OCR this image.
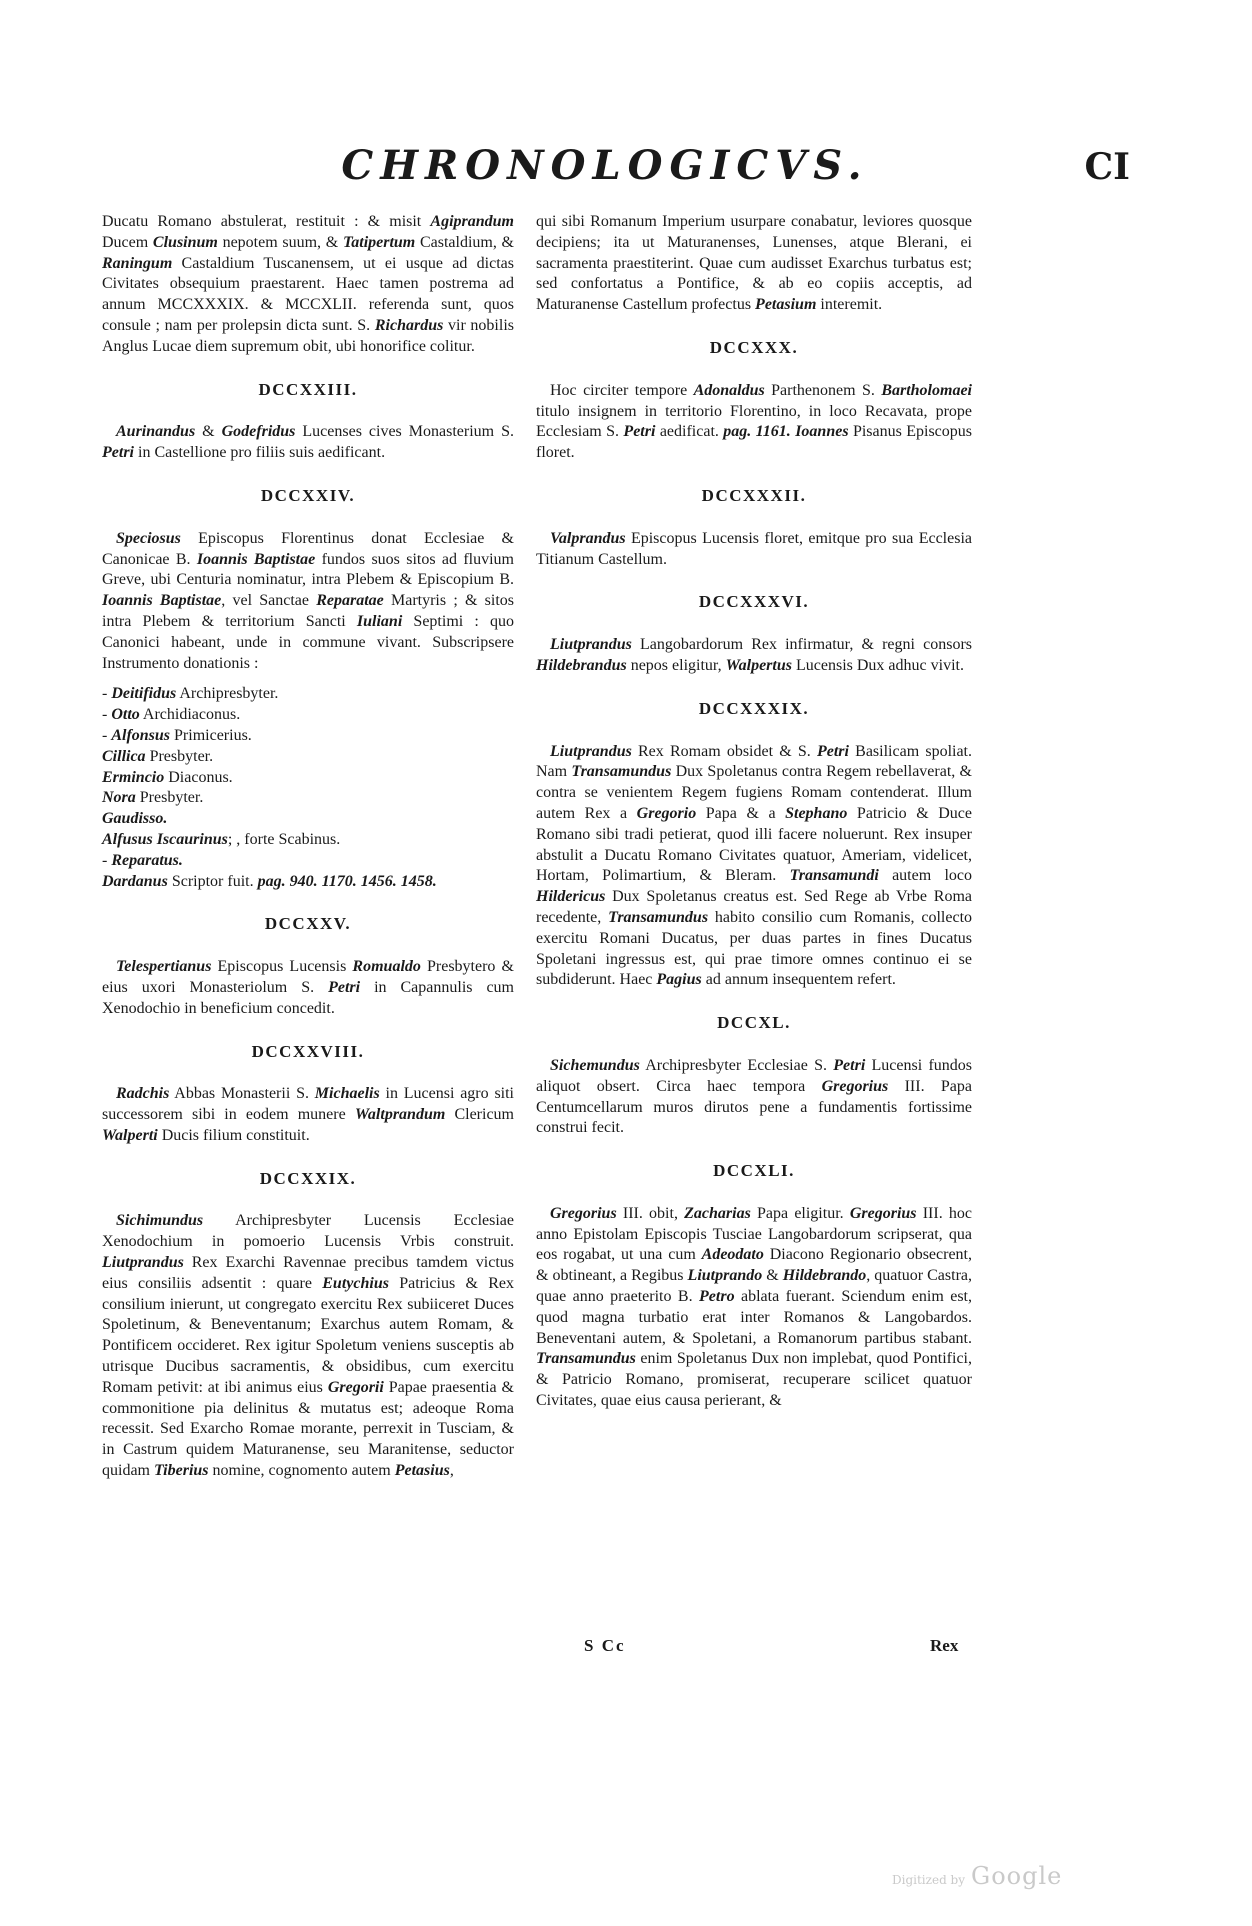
CHRONOLOGICVS.	CI

Ducatu Romano abstulerat, restituit : & misit Agiprandum Ducem Clusinum nepotem suum, & Tatipertum Castaldium, & Raningum Castaldium Tuscanensem, ut ei usque ad dictas Civitates obsequium praestarent. Haec tamen postrema ad annum MCCXXXIX. & MCCXLII. referenda sunt, quos consule ; nam per prolepsin dicta sunt. S. Richardus vir nobilis Anglus Lucae diem supremum obit, ubi honorifice colitur.

DCCXXIII.

Aurinandus & Godefridus Lucenses cives Monasterium S. Petri in Castellione pro filiis suis aedificant.

DCCXXIV.

Speciosus Episcopus Florentinus donat Ecclesiae & Canonicae B. Ioannis Baptistae fundos suos sitos ad fluvium Greve, ubi Centuria nominatur, intra Plebem & Episcopium B. Ioannis Baptistae, vel Sanctae Reparatae Martyris ; & sitos intra Plebem & territorium Sancti Iuliani Septimi : quo Canonici habeant, unde in commune vivant. Subscripsere Instrumento donationis :

- Deitifidus Archipresbyter.

- Otto Archidiaconus.

- Alfonsus Primicerius.

Cillica Presbyter.

Ermincio Diaconus.

Nora Presbyter.

Gaudisso.

Alfusus Iscaurinus; , forte Scabinus.

- Reparatus.

Dardanus Scriptor fuit. pag. 940. 1170. 1456. 1458.

DCCXXV.

Telespertianus Episcopus Lucensis Romualdo Presbytero & eius uxori Monasteriolum S. Petri in Capannulis cum Xenodochio in beneficium concedit.

DCCXXVIII.

Radchis Abbas Monasterii S. Michaelis in Lucensi agro siti successorem sibi in eodem munere Waltprandum Clericum Walperti Ducis filium constituit.

DCCXXIX.

Sichimundus Archipresbyter Lucensis Ecclesiae Xenodochium in pomoerio Lucensis Vrbis construit. Liutprandus Rex Exarchi Ravennae precibus tamdem victus eius consiliis adsentit : quare Eutychius Patricius & Rex consilium inierunt, ut congregato exercitu Rex subiiceret Duces Spoletinum, & Beneventanum; Exarchus autem Romam, & Pontificem occideret. Rex igitur Spoletum veniens susceptis ab utrisque Ducibus sacramentis, & obsidibus, cum exercitu Romam petivit: at ibi animus eius Gregorii Papae praesentia & commonitione pia delinitus & mutatus est; adeoque Roma recessit. Sed Exarcho Romae morante, perrexit in Tusciam, & in Castrum quidem Maturanense, seu Maranitense, seductor quidam Tiberius nomine, cognomento autem Petasius,

qui sibi Romanum Imperium usurpare conabatur, leviores quosque decipiens; ita ut Maturanenses, Lunenses, atque Blerani, ei sacramenta praestiterint. Quae cum audisset Exarchus turbatus est; sed confortatus a Pontifice, & ab eo copiis acceptis, ad Maturanense Castellum profectus Petasium interemit.

DCCXXX.

Hoc circiter tempore Adonaldus Parthenonem S. Bartholomaei titulo insignem in territorio Florentino, in loco Recavata, prope Ecclesiam S. Petri aedificat. pag. 1161. Ioannes Pisanus Episcopus floret.

DCCXXXII.

Valprandus Episcopus Lucensis floret, emitque pro sua Ecclesia Titianum Castellum.

DCCXXXVI.

Liutprandus Langobardorum Rex infirmatur, & regni consors Hildebrandus nepos eligitur, Walpertus Lucensis Dux adhuc vivit.

DCCXXXIX.

Liutprandus Rex Romam obsidet & S. Petri Basilicam spoliat. Nam Transamundus Dux Spoletanus contra Regem rebellaverat, & contra se venientem Regem fugiens Romam contenderat. Illum autem Rex a Gregorio Papa & a Stephano Patricio & Duce Romano sibi tradi petierat, quod illi facere noluerunt. Rex insuper abstulit a Ducatu Romano Civitates quatuor, Ameriam, videlicet, Hortam, Polimartium, & Bleram. Transamundi autem loco Hildericus Dux Spoletanus creatus est. Sed Rege ab Vrbe Roma recedente, Transamundus habito consilio cum Romanis, collecto exercitu Romani Ducatus, per duas partes in fines Ducatus Spoletani ingressus est, qui prae timore omnes continuo ei se subdiderunt. Haec Pagius ad annum insequentem refert.

DCCXL.

Sichemundus Archipresbyter Ecclesiae S. Petri Lucensi fundos aliquot obsert. Circa haec tempora Gregorius III. Papa Centumcellarum muros dirutos pene a fundamentis fortissime construi fecit.

DCCXLI.

Gregorius III. obit, Zacharias Papa eligitur. Gregorius III. hoc anno Epistolam Episcopis Tusciae Langobardorum scripserat, qua eos rogabat, ut una cum Adeodato Diacono Regionario obsecrent, & obtineant, a Regibus Liutprando & Hildebrando, quatuor Castra, quae anno praeterito B. Petro ablata fuerant. Sciendum enim est, quod magna turbatio erat inter Romanos & Langobardos. Beneventani autem, & Spoletani, a Romanorum partibus stabant. Transamundus enim Spoletanus Dux non implebat, quod Pontifici, & Patricio Romano, promiserat, recuperare scilicet quatuor Civitates, quae eius causa perierant, &

S Cc	Rex
Digitized by Google
